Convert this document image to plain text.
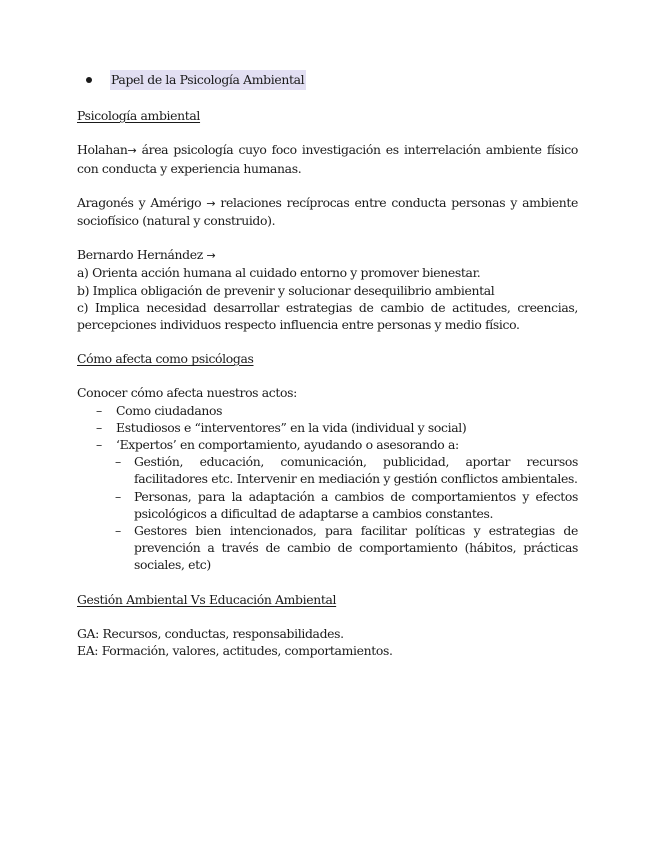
Papel de la Psicología Ambiental

Psicología ambiental

Holahan→ área psicología cuyo foco investigación es interrelación ambiente físico con conducta y experiencia humanas.

Aragonés y Amérigo → relaciones recíprocas entre conducta personas y ambiente sociofísico (natural y construido).

Bernardo Hernández →

a) Orienta acción humana al cuidado entorno y promover bienestar.

b) Implica obligación de prevenir y solucionar desequilibrio ambiental

c) Implica necesidad desarrollar estrategias de cambio de actitudes, creencias, percepciones individuos respecto influencia entre personas y medio físico.

Cómo afecta como psicólogas

Conocer cómo afecta nuestros actos:

– Como ciudadanos
– Estudiosos e “interventores” en la vida (individual y social)
– ‘Expertos’ en comportamiento, ayudando o asesorando a:
– Gestión, educación, comunicación, publicidad, aportar recursos facilitadores etc. Intervenir en mediación y gestión conflictos ambientales.
– Personas, para la adaptación a cambios de comportamientos y efectos psicológicos a dificultad de adaptarse a cambios constantes.
– Gestores bien intencionados, para facilitar políticas y estrategias de prevención a través de cambio de comportamiento (hábitos, prácticas sociales, etc)

Gestión Ambiental Vs Educación Ambiental

GA: Recursos, conductas, responsabilidades.

EA: Formación, valores, actitudes, comportamientos.
